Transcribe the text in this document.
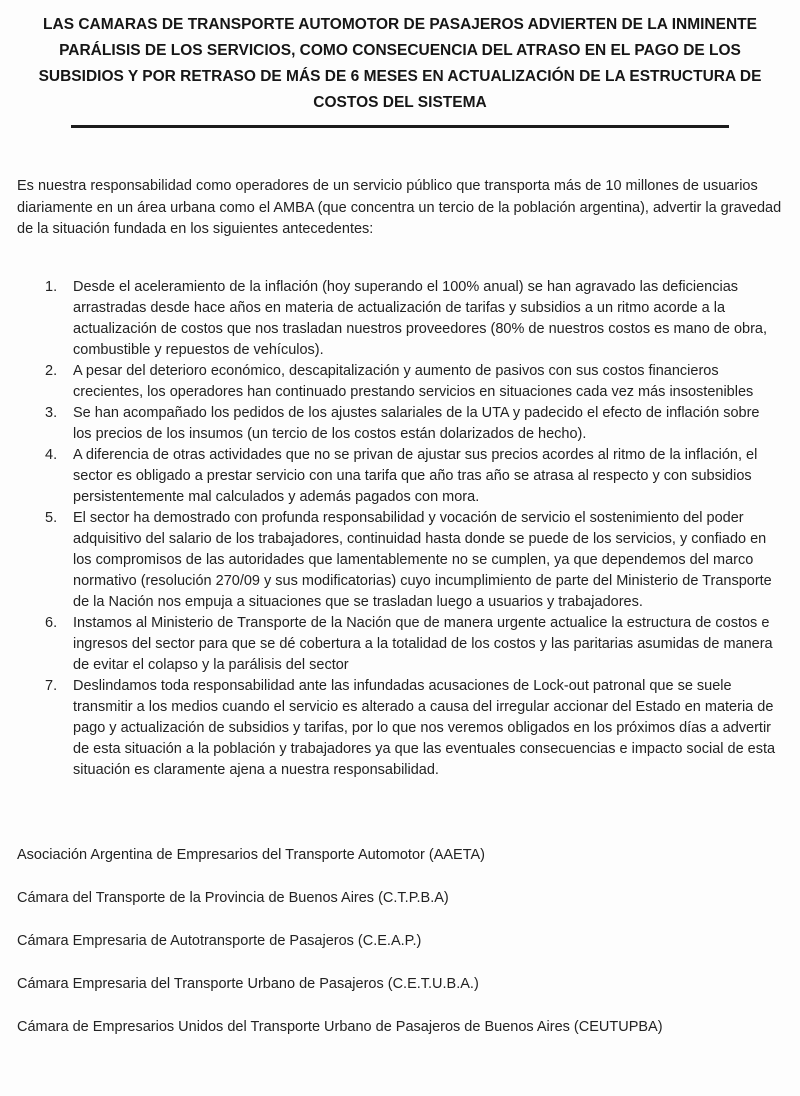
LAS CAMARAS DE TRANSPORTE AUTOMOTOR DE PASAJEROS ADVIERTEN DE LA INMINENTE PARÁLISIS DE LOS SERVICIOS, COMO CONSECUENCIA DEL ATRASO EN EL PAGO DE LOS SUBSIDIOS Y POR RETRASO DE MÁS DE 6 MESES EN ACTUALIZACIÓN DE LA ESTRUCTURA DE COSTOS DEL SISTEMA

Es nuestra responsabilidad como operadores de un servicio público que transporta más de 10 millones de usuarios diariamente en un área urbana como el AMBA (que concentra un tercio de la población argentina), advertir la gravedad de la situación fundada en los siguientes antecedentes:

1.	Desde el aceleramiento de la inflación (hoy superando el 100% anual) se han agravado las deficiencias arrastradas desde hace años en materia de actualización de tarifas y subsidios a un ritmo acorde a la actualización de costos que nos trasladan nuestros proveedores (80% de nuestros costos es mano de obra, combustible y repuestos de vehículos).
2.	A pesar del deterioro económico, descapitalización y aumento de pasivos con sus costos financieros crecientes, los operadores han continuado prestando servicios en situaciones cada vez más insostenibles
3.	Se han acompañado los pedidos de los ajustes salariales de la UTA y padecido el efecto de inflación sobre los precios de los insumos (un tercio de los costos están dolarizados de hecho).
4.	A diferencia de otras actividades que no se privan de ajustar sus precios acordes al ritmo de la inflación, el sector es obligado a prestar servicio con una tarifa que año tras año se atrasa al respecto y con subsidios persistentemente mal calculados y además pagados con mora.
5.	El sector ha demostrado con profunda responsabilidad y vocación de servicio el sostenimiento del poder adquisitivo del salario de los trabajadores, continuidad hasta donde se puede de los servicios, y confiado en los compromisos de las autoridades que lamentablemente no se cumplen, ya que dependemos del marco normativo (resolución 270/09 y sus modificatorias) cuyo incumplimiento de parte del Ministerio de Transporte de la Nación nos empuja a situaciones que se trasladan luego a usuarios y trabajadores.
6.	Instamos al Ministerio de Transporte de la Nación que de manera urgente actualice la estructura de costos e ingresos del sector para que se dé cobertura a la totalidad de los costos y las paritarias asumidas de manera de evitar el colapso y la parálisis del sector
7.	Deslindamos toda responsabilidad ante las infundadas acusaciones de Lock-out patronal que se suele transmitir a los medios cuando el servicio es alterado a causa del irregular accionar del Estado en materia de pago y actualización de subsidios y tarifas, por lo que nos veremos obligados en los próximos días a advertir de esta situación a la población y trabajadores ya que las eventuales consecuencias e impacto social de esta situación es claramente ajena a nuestra responsabilidad.

Asociación Argentina de Empresarios del Transporte Automotor (AAETA)

Cámara del Transporte de la Provincia de Buenos Aires (C.T.P.B.A)

Cámara Empresaria de Autotransporte de Pasajeros (C.E.A.P.)

Cámara Empresaria del Transporte Urbano de Pasajeros (C.E.T.U.B.A.)

Cámara de Empresarios Unidos del Transporte Urbano de Pasajeros de Buenos Aires (CEUTUPBA)
